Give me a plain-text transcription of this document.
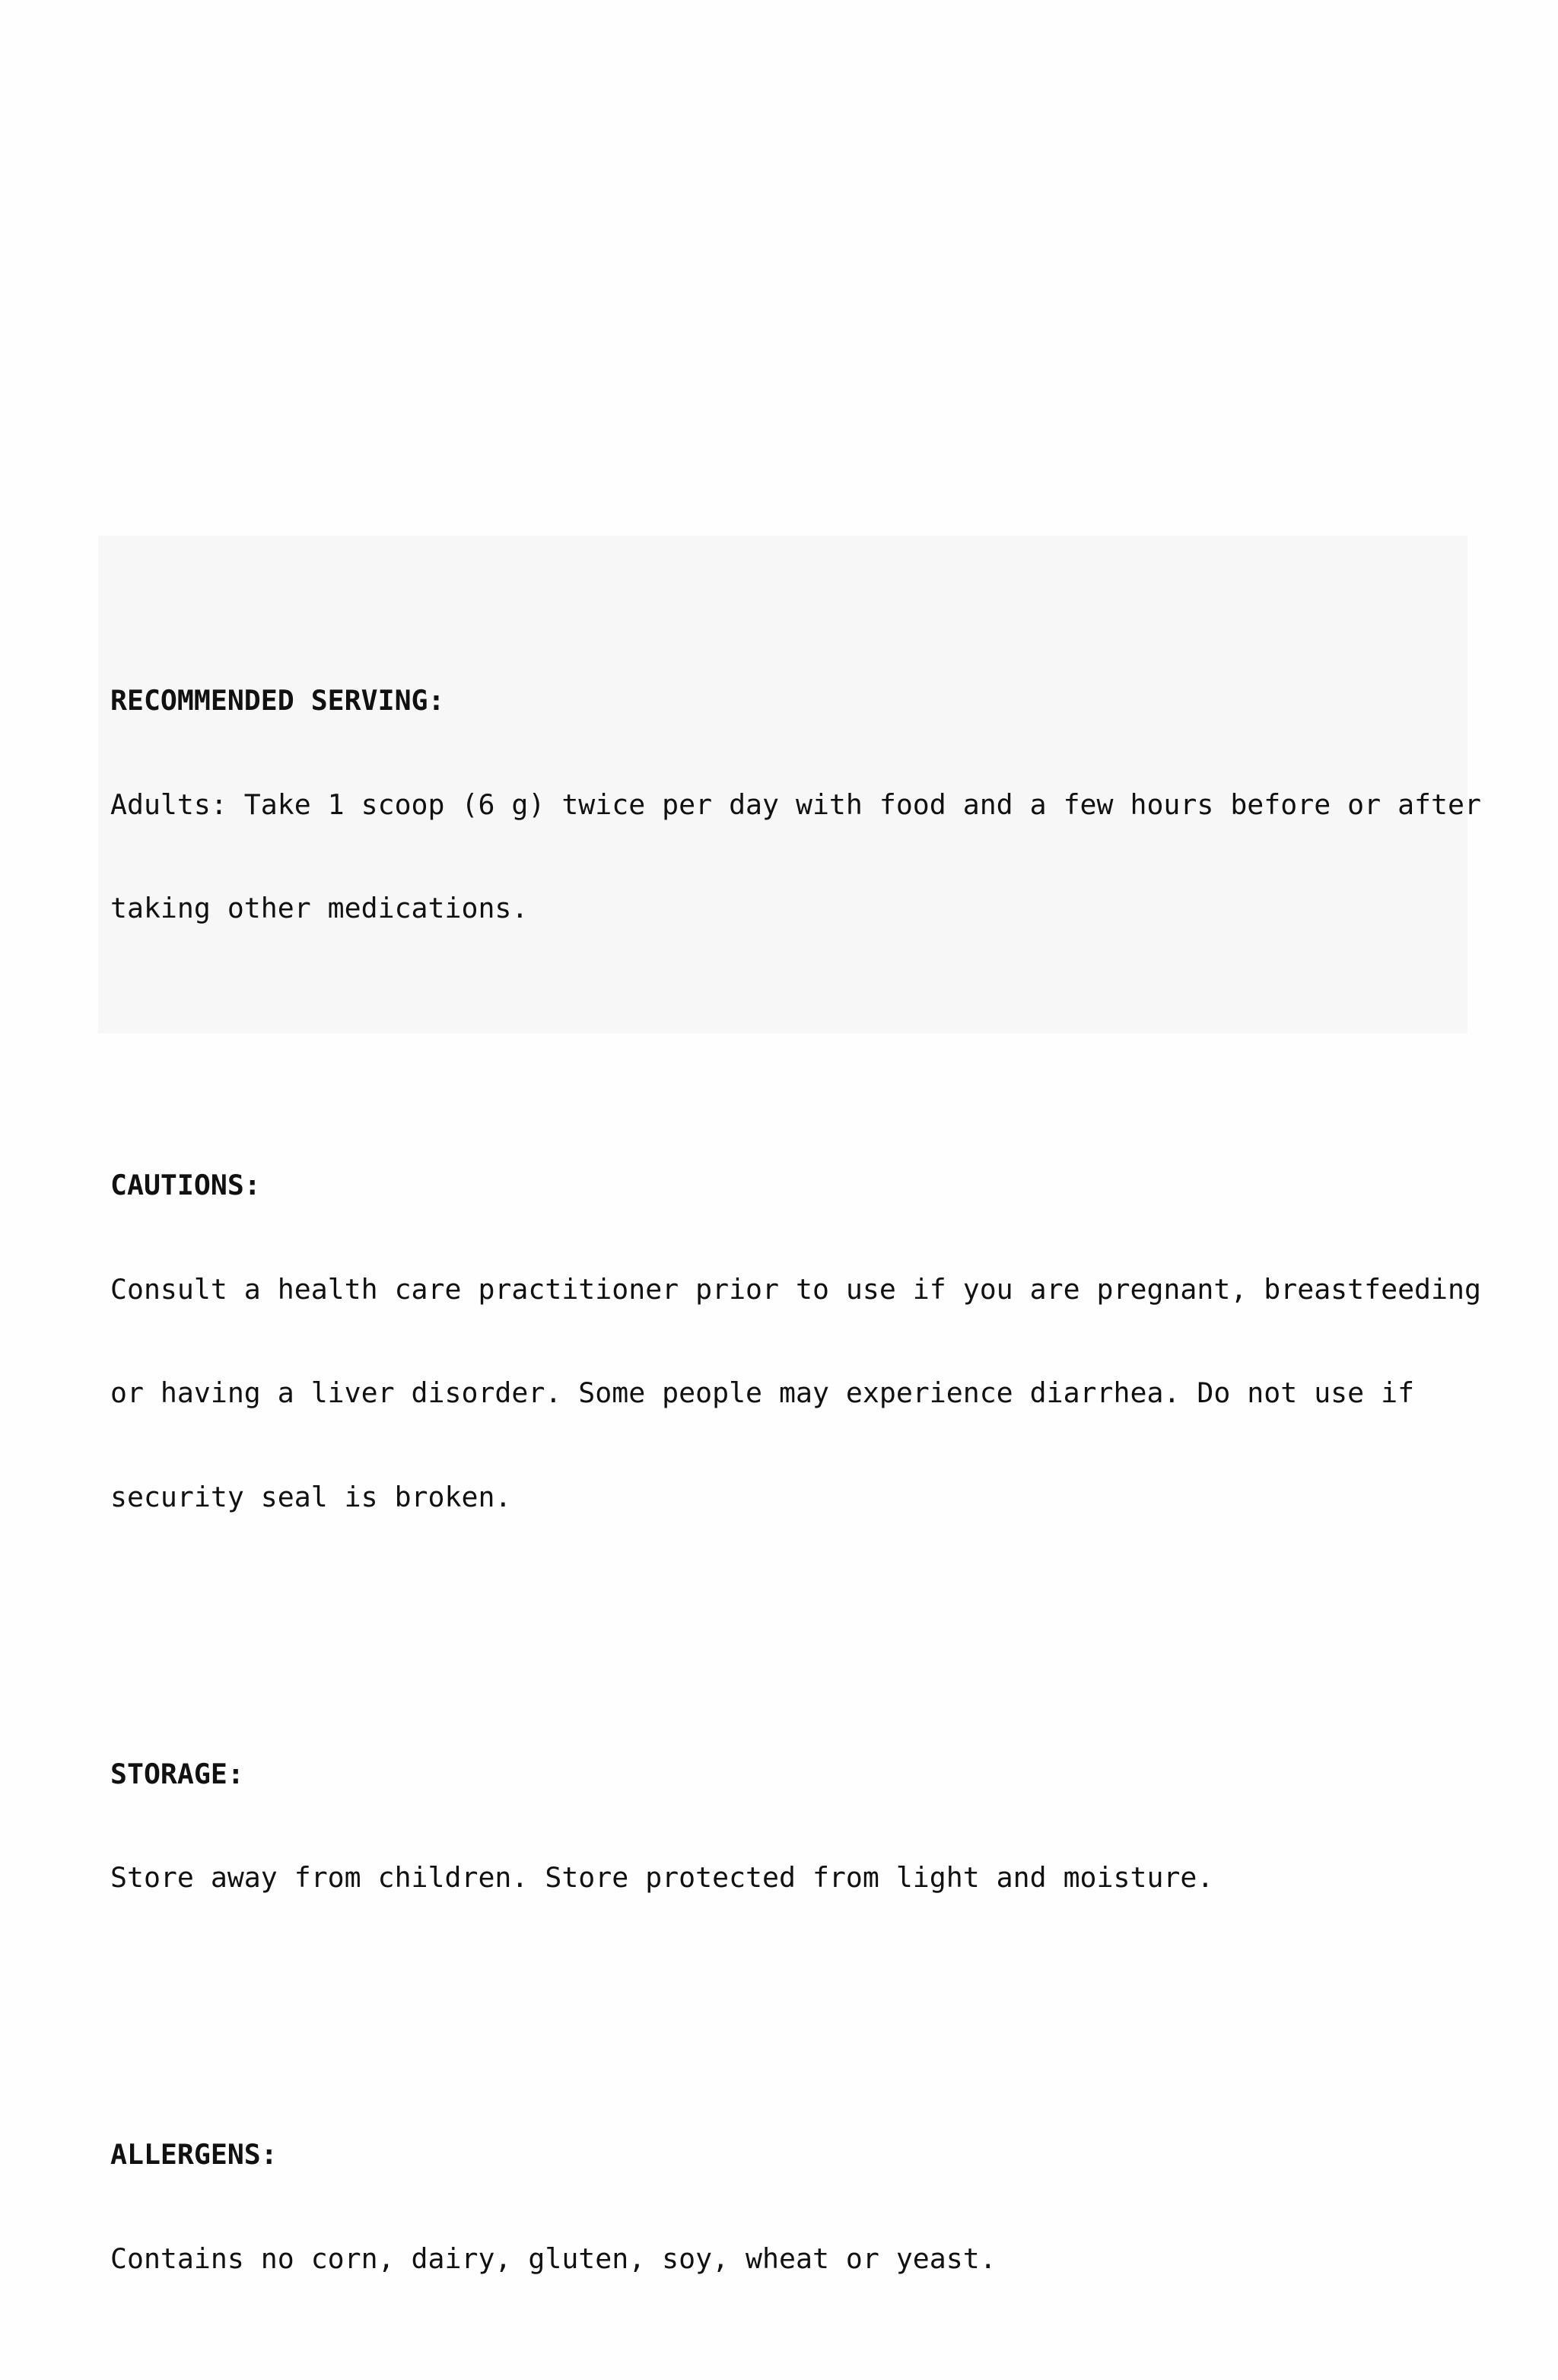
RECOMMENDED SERVING:

Adults: Take 1 scoop (6 g) twice per day with food and a few hours before or after

taking other medications.

CAUTIONS:

Consult a health care practitioner prior to use if you are pregnant, breastfeeding

or having a liver disorder. Some people may experience diarrhea. Do not use if

security seal is broken.

STORAGE:

Store away from children. Store protected from light and moisture.

ALLERGENS:

Contains no corn, dairy, gluten, soy, wheat or yeast.
